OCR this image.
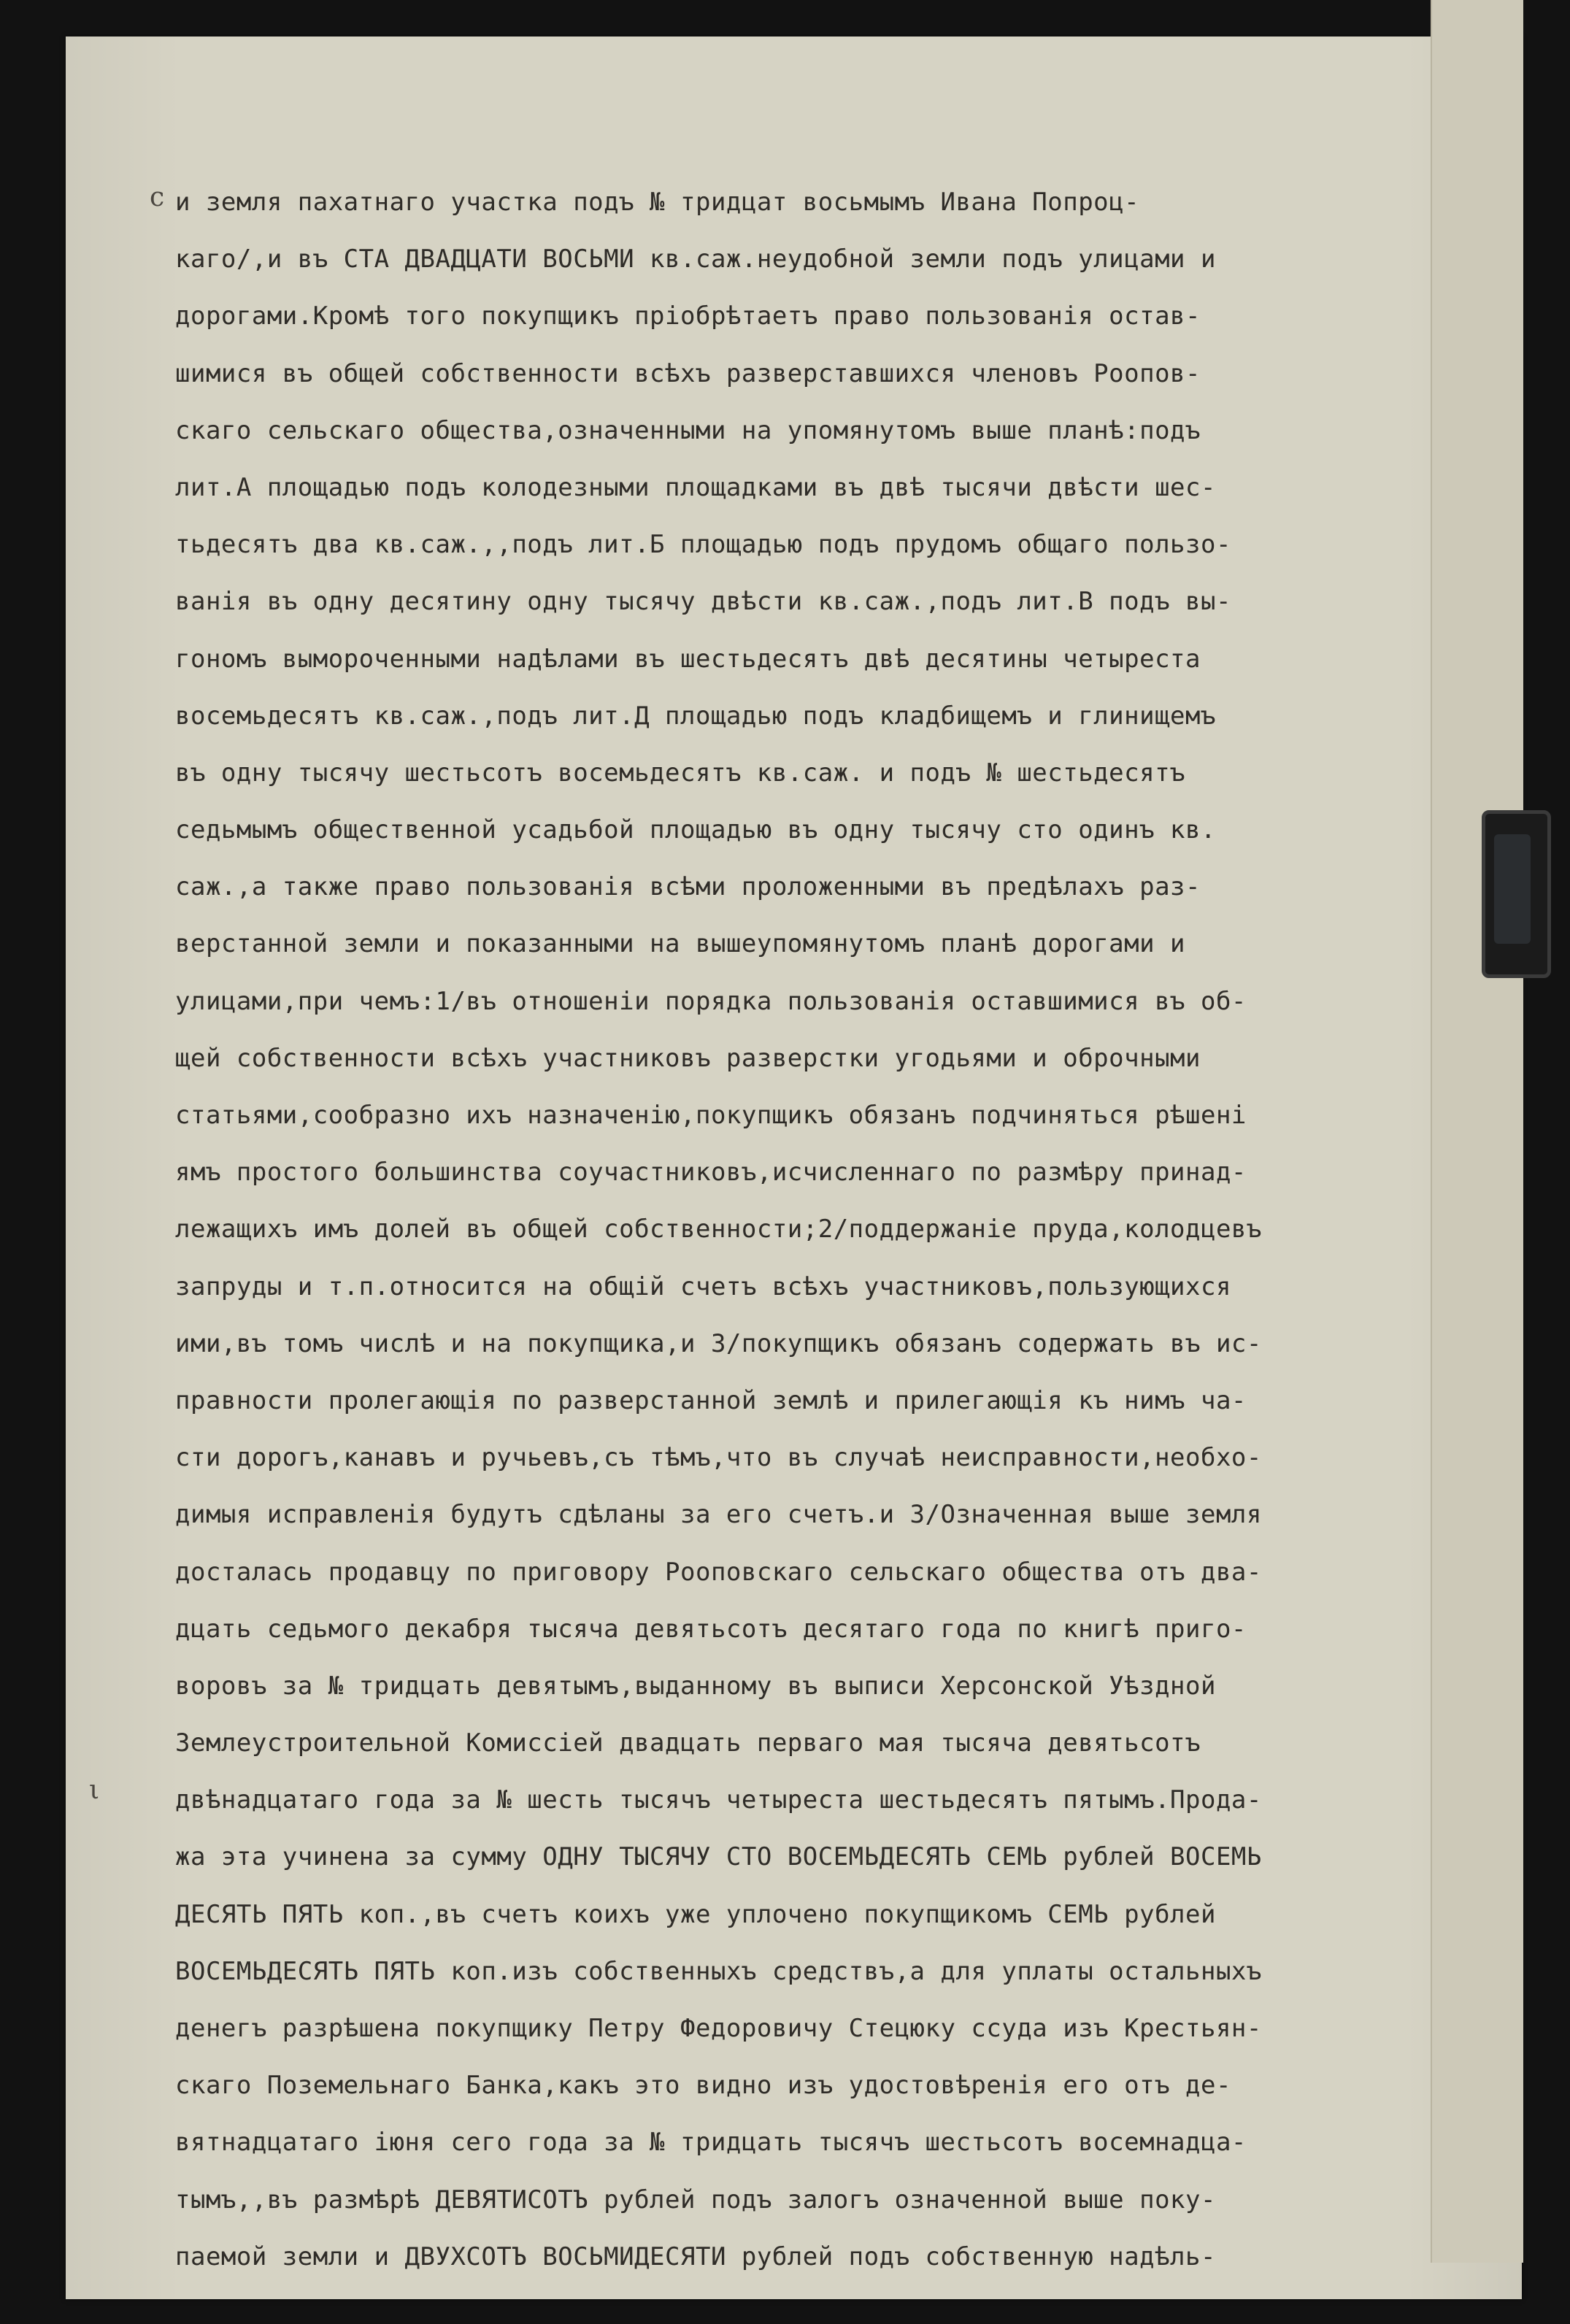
с
ι
и земля пахатнаго участка подъ № тридцат восьмымъ Ивана Попроц-
каго/,и въ СТА ДВАДЦАТИ ВОСЬМИ кв.саж.неудобной земли подъ улицами и
дорогами.Кромѣ того покупщикъ пріобрѣтаетъ право пользованія остав-
шимися въ общей собственности всѣхъ разверставшихся членовъ Роопов-
скаго сельскаго общества,означенными на упомянутомъ выше планѣ:подъ
лит.А площадью подъ колодезными площадками въ двѣ тысячи двѣсти шес-
тьдесятъ два кв.саж.,,подъ лит.Б площадью подъ прудомъ общаго пользо-
ванія въ одну десятину одну тысячу двѣсти кв.саж.,подъ лит.В подъ вы-
гономъ вымороченными надѣлами въ шестьдесятъ двѣ десятины четыреста
восемьдесятъ кв.саж.,подъ лит.Д площадью подъ кладбищемъ и глинищемъ
въ одну тысячу шестьсотъ восемьдесятъ кв.саж. и подъ № шестьдесятъ
седьмымъ общественной усадьбой площадью въ одну тысячу сто одинъ кв.
саж.,а также право пользованія всѣми проложенными въ предѣлахъ раз-
верстанной земли и показанными на вышеупомянутомъ планѣ дорогами и
улицами,при чемъ:1/въ отношеніи порядка пользованія оставшимися въ об-
щей собственности всѣхъ участниковъ разверстки угодьями и оброчными
статьями,сообразно ихъ назначенію,покупщикъ обязанъ подчиняться рѣшені
ямъ простого большинства соучастниковъ,исчисленнаго по размѣру принад-
лежащихъ имъ долей въ общей собственности;2/поддержаніе пруда,колодцевъ
запруды и т.п.относится на общій счетъ всѣхъ участниковъ,пользующихся
ими,въ томъ числѣ и на покупщика,и 3/покупщикъ обязанъ содержать въ ис-
правности пролегающія по разверстанной землѣ и прилегающія къ нимъ ча-
сти дорогъ,канавъ и ручьевъ,съ тѣмъ,что въ случаѣ неисправности,необхо-
димыя исправленія будутъ сдѣланы за его счетъ.и 3/Означенная выше земля
досталась продавцу по приговору Рооповскаго сельскаго общества отъ два-
дцать седьмого декабря тысяча девятьсотъ десятаго года по книгѣ приго-
воровъ за № тридцать девятымъ,выданному въ выписи Херсонской Уѣздной
Землеустроительной Комиссіей двадцать перваго мая тысяча девятьсотъ
двѣнадцатаго года за № шесть тысячъ четыреста шестьдесятъ пятымъ.Прода-
жа эта учинена за сумму ОДНУ ТЫСЯЧУ СТО ВОСЕМЬДЕСЯТЬ СЕМЬ рублей ВОСЕМЬ
ДЕСЯТЬ ПЯТЬ коп.,въ счетъ коихъ уже уплочено покупщикомъ СЕМЬ рублей
ВОСЕМЬДЕСЯТЬ ПЯТЬ коп.изъ собственныхъ средствъ,а для уплаты остальныхъ
денегъ разрѣшена покупщику Петру Федоровичу Стецюку ссуда изъ Крестьян-
скаго Поземельнаго Банка,какъ это видно изъ удостовѣренія его отъ де-
вятнадцатаго іюня сего года за № тридцать тысячъ шестьсотъ восемнадца-
тымъ,,въ размѣрѣ ДЕВЯТИСОТЪ рублей подъ залогъ означенной выше поку-
паемой земли и ДВУХСОТЪ ВОСЬМИДЕСЯТИ рублей подъ собственную надѣль-
